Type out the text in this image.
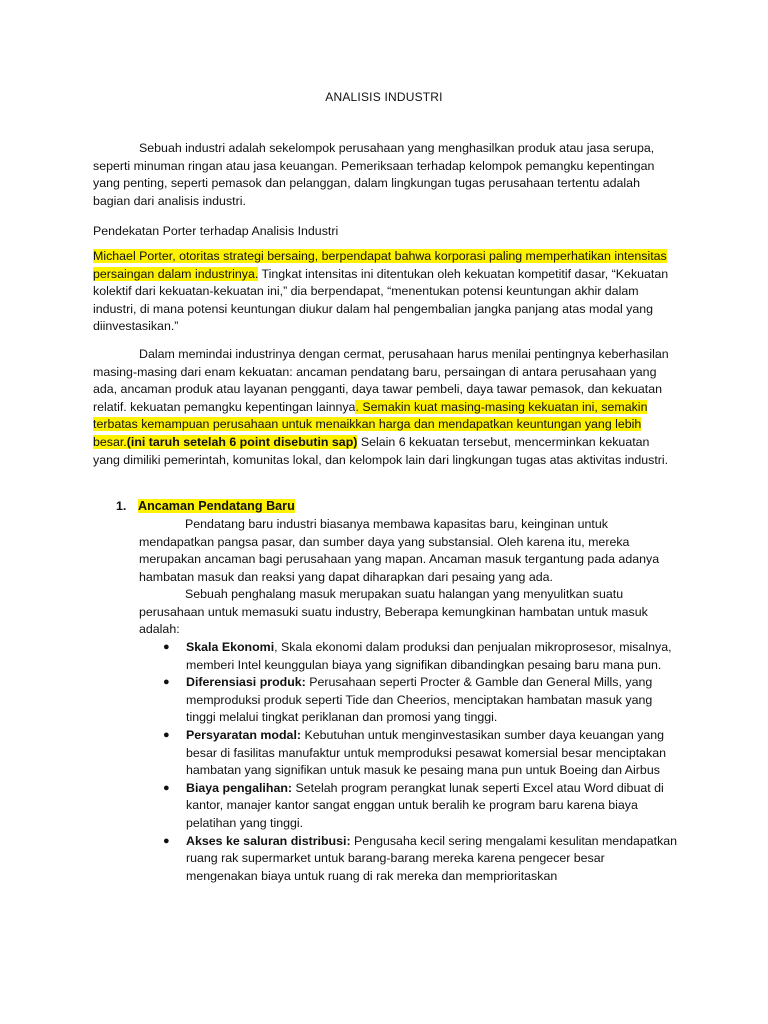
ANALISIS INDUSTRI

Sebuah industri adalah sekelompok perusahaan yang menghasilkan produk atau jasa serupa, seperti minuman ringan atau jasa keuangan. Pemeriksaan terhadap kelompok pemangku kepentingan yang penting, seperti pemasok dan pelanggan, dalam lingkungan tugas perusahaan tertentu adalah bagian dari analisis industri.

Pendekatan Porter terhadap Analisis Industri

Michael Porter, otoritas strategi bersaing, berpendapat bahwa korporasi paling memperhatikan intensitas persaingan dalam industrinya. Tingkat intensitas ini ditentukan oleh kekuatan kompetitif dasar, “Kekuatan kolektif dari kekuatan-kekuatan ini,” dia berpendapat, “menentukan potensi keuntungan akhir dalam industri, di mana potensi keuntungan diukur dalam hal pengembalian jangka panjang atas modal yang diinvestasikan.”

Dalam memindai industrinya dengan cermat, perusahaan harus menilai pentingnya keberhasilan masing-masing dari enam kekuatan: ancaman pendatang baru, persaingan di antara perusahaan yang ada, ancaman produk atau layanan pengganti, daya tawar pembeli, daya tawar pemasok, dan kekuatan relatif. kekuatan pemangku kepentingan lainnya. Semakin kuat masing-masing kekuatan ini, semakin terbatas kemampuan perusahaan untuk menaikkan harga dan mendapatkan keuntungan yang lebih besar.(ini taruh setelah 6 point disebutin sap) Selain 6 kekuatan tersebut, mencerminkan kekuatan yang dimiliki pemerintah, komunitas lokal, dan kelompok lain dari lingkungan tugas atas aktivitas industri.

1. Ancaman Pendatang Baru

Pendatang baru industri biasanya membawa kapasitas baru, keinginan untuk mendapatkan pangsa pasar, dan sumber daya yang substansial. Oleh karena itu, mereka merupakan ancaman bagi perusahaan yang mapan. Ancaman masuk tergantung pada adanya hambatan masuk dan reaksi yang dapat diharapkan dari pesaing yang ada.

Sebuah penghalang masuk merupakan suatu halangan yang menyulitkan suatu perusahaan untuk memasuki suatu industry, Beberapa kemungkinan hambatan untuk masuk adalah:

● Skala Ekonomi, Skala ekonomi dalam produksi dan penjualan mikroprosesor, misalnya, memberi Intel keunggulan biaya yang signifikan dibandingkan pesaing baru mana pun.
● Diferensiasi produk: Perusahaan seperti Procter & Gamble dan General Mills, yang memproduksi produk seperti Tide dan Cheerios, menciptakan hambatan masuk yang tinggi melalui tingkat periklanan dan promosi yang tinggi.
● Persyaratan modal: Kebutuhan untuk menginvestasikan sumber daya keuangan yang besar di fasilitas manufaktur untuk memproduksi pesawat komersial besar menciptakan hambatan yang signifikan untuk masuk ke pesaing mana pun untuk Boeing dan Airbus
● Biaya pengalihan: Setelah program perangkat lunak seperti Excel atau Word dibuat di kantor, manajer kantor sangat enggan untuk beralih ke program baru karena biaya pelatihan yang tinggi.
● Akses ke saluran distribusi: Pengusaha kecil sering mengalami kesulitan mendapatkan ruang rak supermarket untuk barang-barang mereka karena pengecer besar mengenakan biaya untuk ruang di rak mereka dan memprioritaskan
